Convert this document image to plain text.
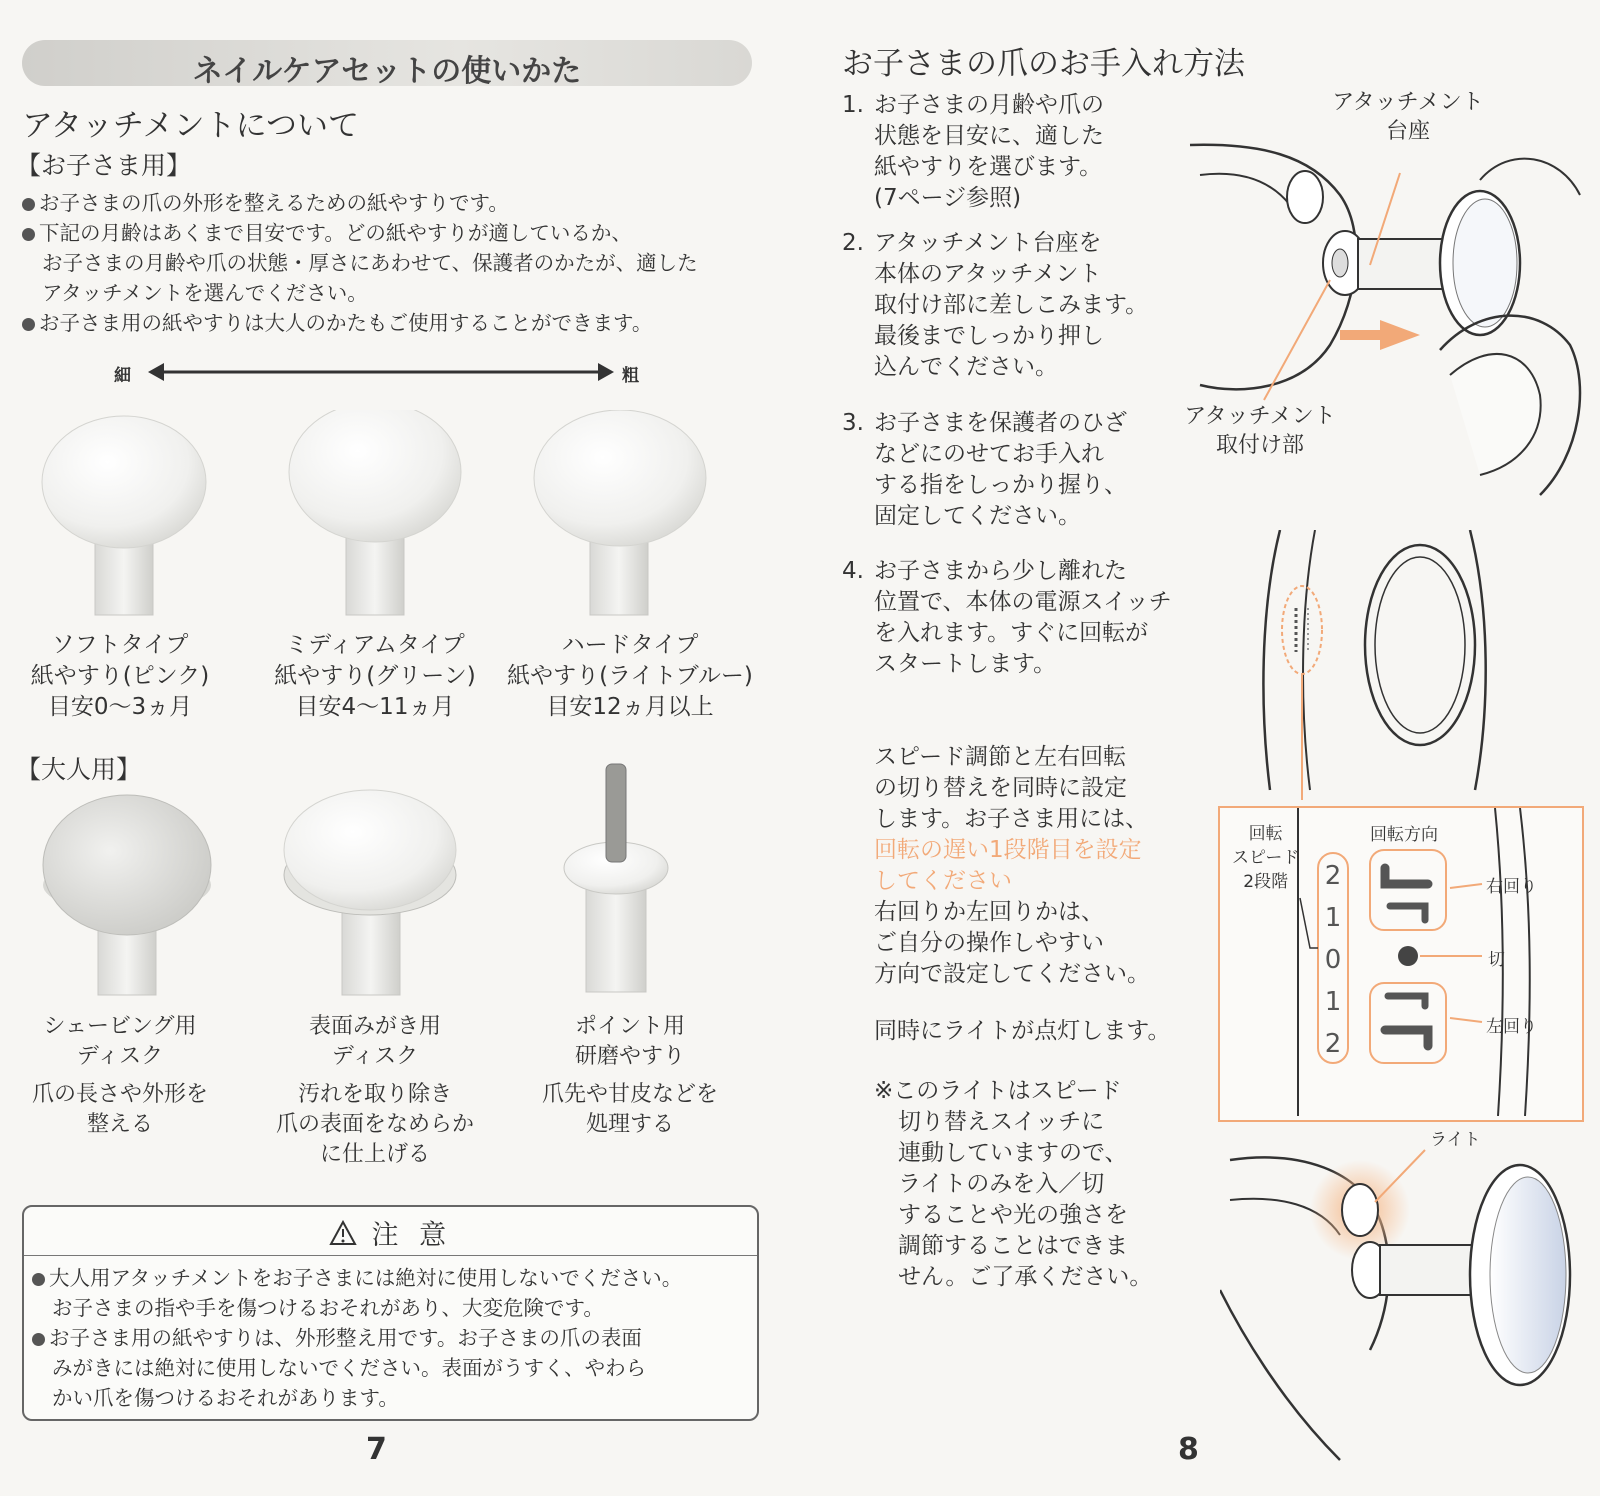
ネイルケアセットの使いかた
アタッチメントについて
【お子さま用】
お子さまの爪の外形を整えるための紙やすりです。
下記の月齢はあくまで目安です。どの紙やすりが適しているか、
お子さまの月齢や爪の状態・厚さにあわせて、保護者のかたが、適した
アタッチメントを選んでください。
お子さま用の紙やすりは大人のかたもご使用することができます。
細	粗
ソフトタイプ
紙やすり(ピンク)
目安0〜3ヵ月
ミディアムタイプ
紙やすり(グリーン)
目安4〜11ヵ月
ハードタイプ
紙やすり(ライトブルー)
目安12ヵ月以上
【大人用】
シェービング用
ディスク
爪の長さや外形を
整える
表面みがき用
ディスク
汚れを取り除き
爪の表面をなめらか
に仕上げる
ポイント用
研磨やすり
爪先や甘皮などを
処理する
注 意
大人用アタッチメントをお子さまには絶対に使用しないでください。
お子さまの指や手を傷つけるおそれがあり、大変危険です。
お子さま用の紙やすりは、外形整え用です。お子さまの爪の表面
みがきには絶対に使用しないでください。表面がうすく、やわら
かい爪を傷つけるおそれがあります。
7
お子さまの爪のお手入れ方法
1. お子さまの月齢や爪の
状態を目安に、適した
紙やすりを選びます。
(7ページ参照)
2. アタッチメント台座を
本体のアタッチメント
取付け部に差しこみます。
最後までしっかり押し
込んでください。
3. お子さまを保護者のひざ
などにのせてお手入れ
する指をしっかり握り、
固定してください。
4. お子さまから少し離れた
位置で、本体の電源スイッチ
を入れます。すぐに回転が
スタートします。
スピード調節と左右回転
の切り替えを同時に設定
します。お子さま用には、
回転の遅い1段階目を設定
してください
右回りか左回りかは、
ご自分の操作しやすい
方向で設定してください。
同時にライトが点灯します。
※このライトはスピード
切り替えスイッチに
連動していますので、
ライトのみを入／切
することや光の強さを
調節することはできま
せん。ご了承ください。
アタッチメント
台座
アタッチメント
取付け部
回転
スピード
2段階
回転方向
2
1
0
1
2
右回り
切
左回り
ライト
8
